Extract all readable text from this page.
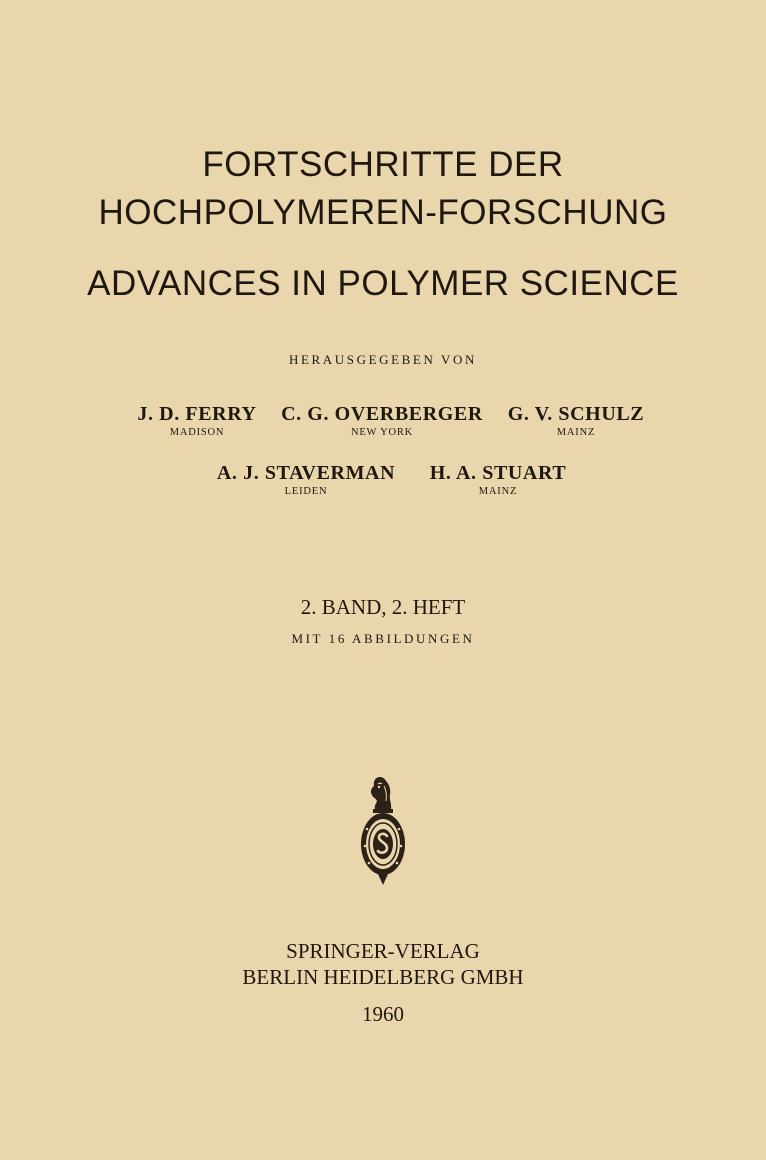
FORTSCHRITTE DER
HOCHPOLYMEREN-FORSCHUNG
ADVANCES IN POLYMER SCIENCE
HERAUSGEGEBEN VON
J. D. FERRY
MADISON
C. G. OVERBERGER
NEW YORK
G. V. SCHULZ
MAINZ
A. J. STAVERMAN
LEIDEN
H. A. STUART
MAINZ
2. BAND, 2. HEFT
MIT 16 ABBILDUNGEN
SPRINGER-VERLAG
BERLIN HEIDELBERG GMBH
1960
